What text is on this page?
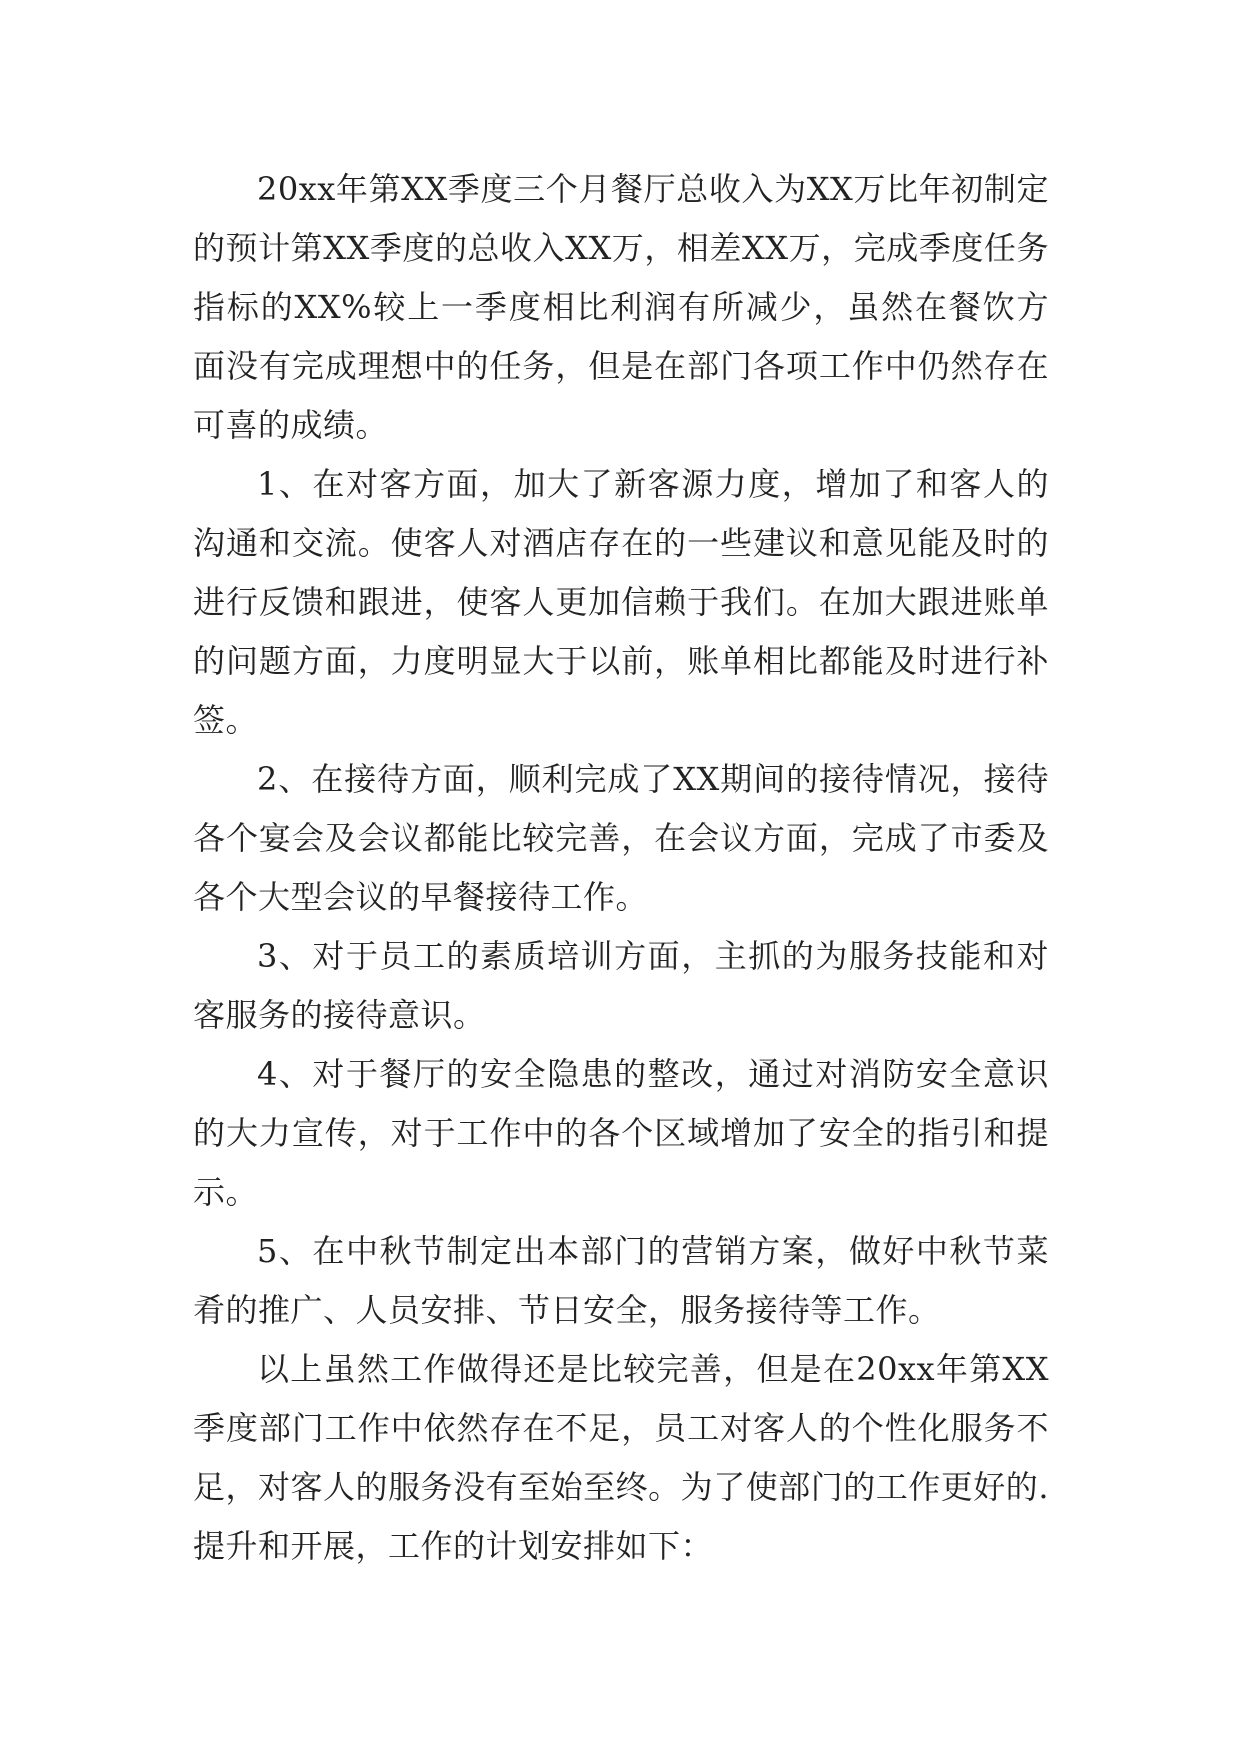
20xx年第XX季度三个月餐厅总收入为XX万比年初制定的预计第XX季度的总收入XX万，相差XX万，完成季度任务指标的XX%较上一季度相比利润有所减少，虽然在餐饮方面没有完成理想中的任务，但是在部门各项工作中仍然存在可喜的成绩。

1、在对客方面，加大了新客源力度，增加了和客人的沟通和交流。使客人对酒店存在的一些建议和意见能及时的进行反馈和跟进，使客人更加信赖于我们。在加大跟进账单的问题方面，力度明显大于以前，账单相比都能及时进行补签。

2、在接待方面，顺利完成了XX期间的接待情况，接待各个宴会及会议都能比较完善，在会议方面，完成了市委及各个大型会议的早餐接待工作。

3、对于员工的素质培训方面，主抓的为服务技能和对客服务的接待意识。

4、对于餐厅的安全隐患的整改，通过对消防安全意识的大力宣传，对于工作中的各个区域增加了安全的指引和提示。

5、在中秋节制定出本部门的营销方案，做好中秋节菜肴的推广、人员安排、节日安全，服务接待等工作。

以上虽然工作做得还是比较完善，但是在20xx年第XX季度部门工作中依然存在不足，员工对客人的个性化服务不足，对客人的服务没有至始至终。为了使部门的工作更好的.提升和开展，工作的计划安排如下：
